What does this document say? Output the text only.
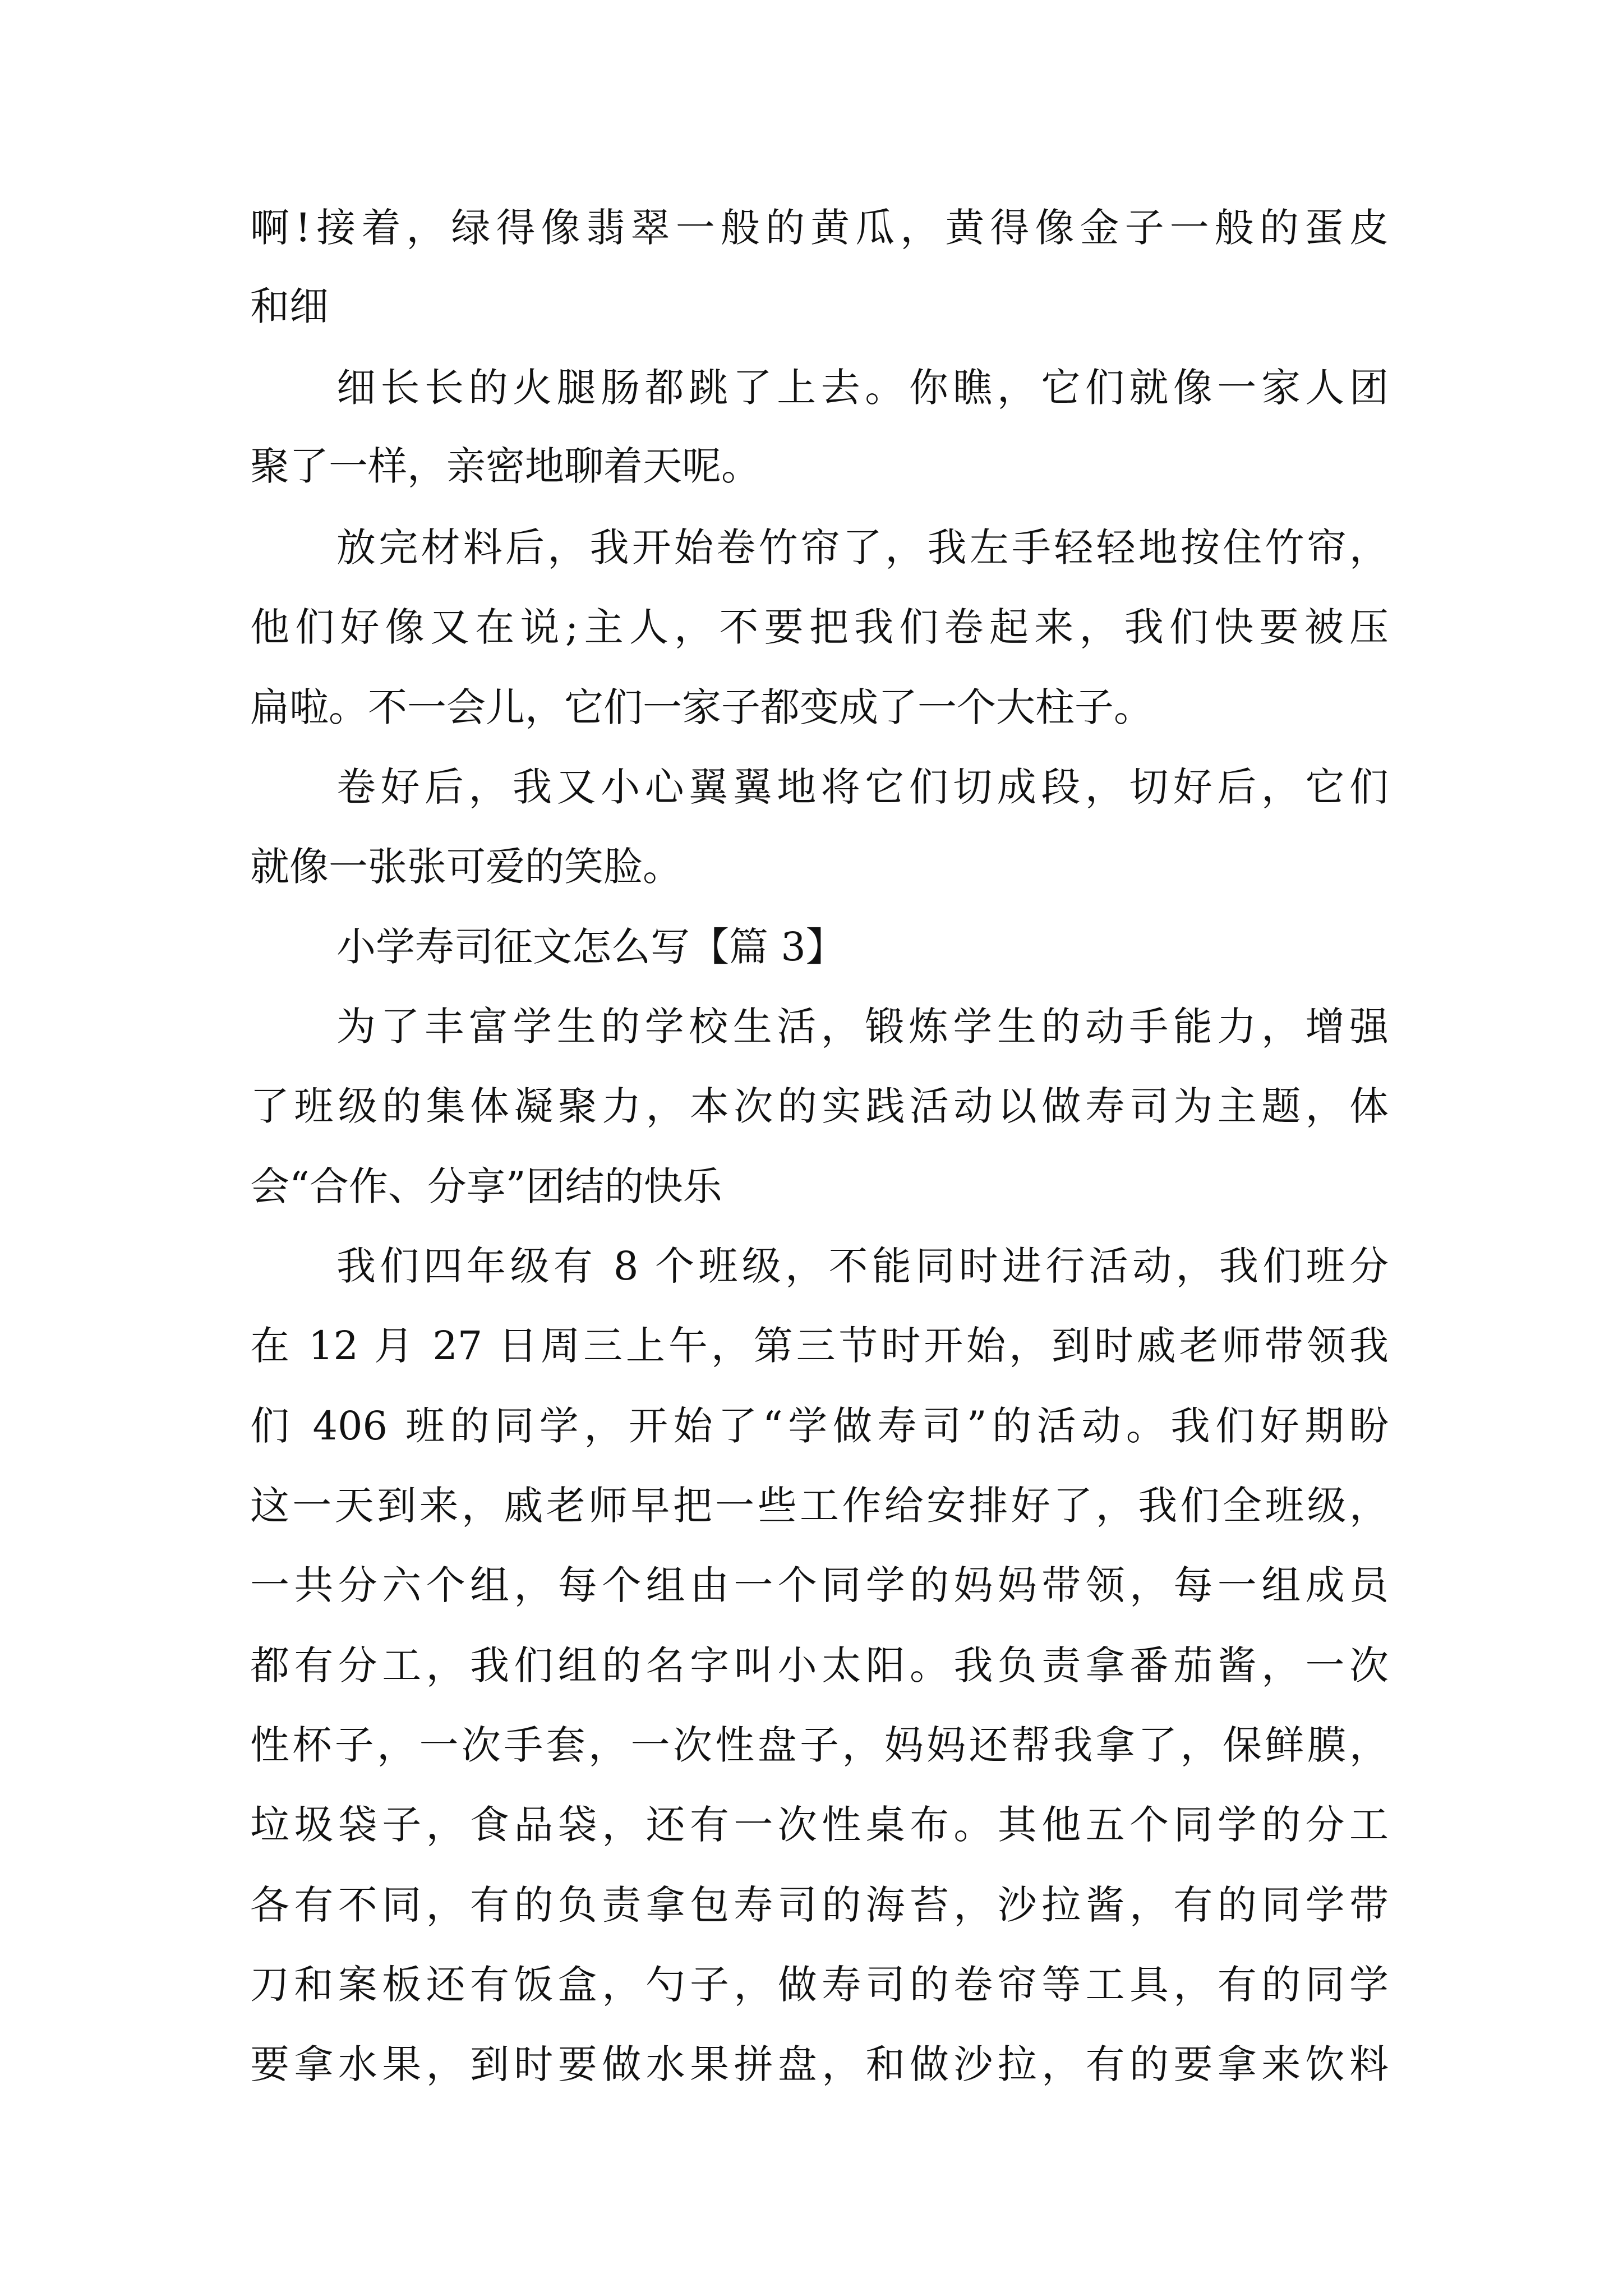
啊!接着，绿得像翡翠一般的黄瓜，黄得像金子一般的蛋皮
和细
细长长的火腿肠都跳了上去。你瞧，它们就像一家人团
聚了一样，亲密地聊着天呢。
放完材料后，我开始卷竹帘了，我左手轻轻地按住竹帘，
他们好像又在说;主人，不要把我们卷起来，我们快要被压
扁啦。不一会儿，它们一家子都变成了一个大柱子。
卷好后，我又小心翼翼地将它们切成段，切好后，它们
就像一张张可爱的笑脸。
小学寿司征文怎么写【篇 3】
为了丰富学生的学校生活，锻炼学生的动手能力，增强
了班级的集体凝聚力，本次的实践活动以做寿司为主题，体
会“合作、分享”团结的快乐
我们四年级有 8 个班级，不能同时进行活动，我们班分
在 12 月 27 日周三上午，第三节时开始，到时戚老师带领我
们 406 班的同学，开始了“学做寿司”的活动。我们好期盼
这一天到来，戚老师早把一些工作给安排好了，我们全班级，
一共分六个组，每个组由一个同学的妈妈带领，每一组成员
都有分工，我们组的名字叫小太阳。我负责拿番茄酱，一次
性杯子，一次手套，一次性盘子，妈妈还帮我拿了，保鲜膜，
垃圾袋子，食品袋，还有一次性桌布。其他五个同学的分工
各有不同，有的负责拿包寿司的海苔，沙拉酱，有的同学带
刀和案板还有饭盒，勺子，做寿司的卷帘等工具，有的同学
要拿水果，到时要做水果拼盘，和做沙拉，有的要拿来饮料
